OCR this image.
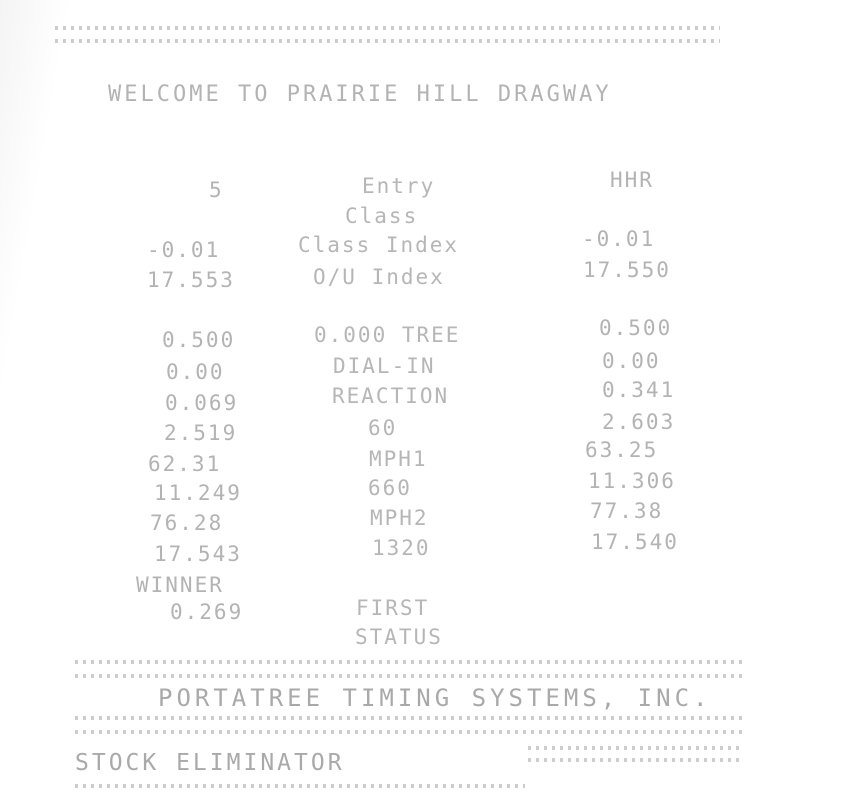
WELCOME TO PRAIRIE HILL DRAGWAY
5	Entry	HHR
Class
-0.01	Class Index	-0.01
17.553	O/U Index	17.550
0.500	0.000 TREE	0.500
0.00	DIAL-IN	0.00
0.069	REACTION	0.341
2.519	60	2.603
62.31	MPH1	63.25
11.249	660	11.306
76.28	MPH2	77.38
17.543	1320	17.540
WINNER
0.269	FIRST
STATUS
PORTATREE TIMING SYSTEMS, INC.
STOCK ELIMINATOR
